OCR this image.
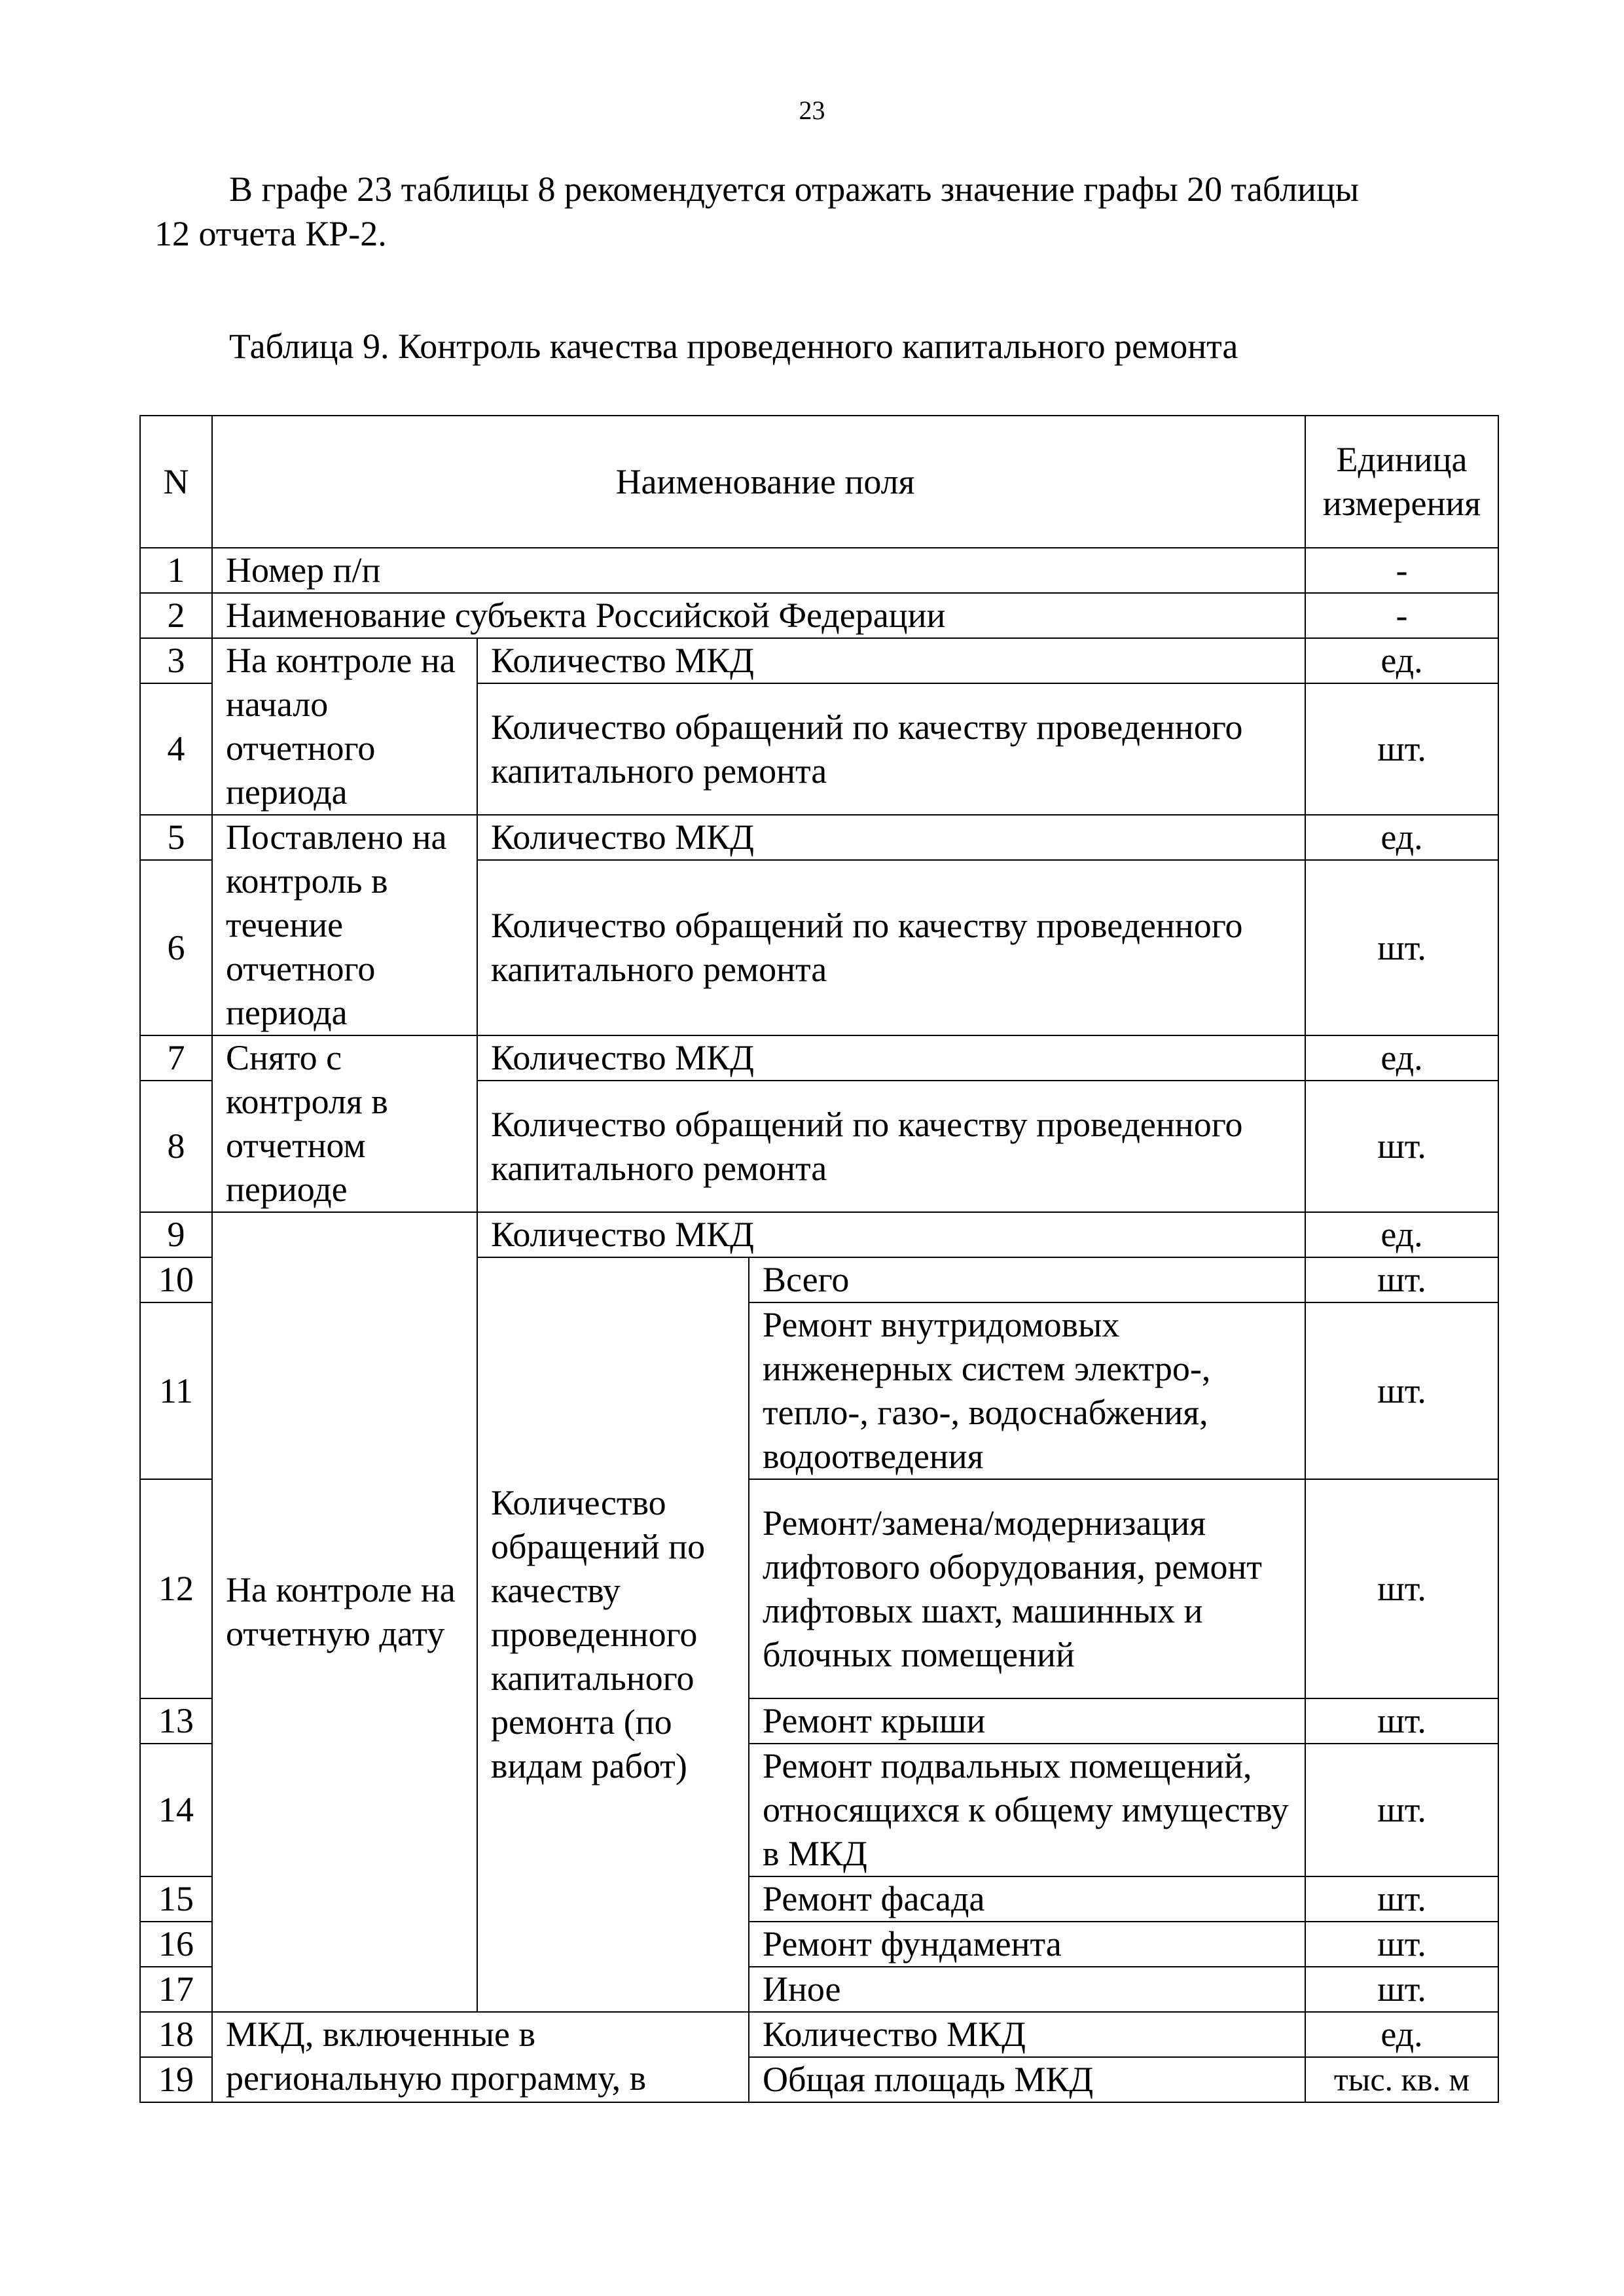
23
В графе 23 таблицы 8 рекомендуется отражать значение графы 20 таблицы
12 отчета КР-2.
Таблица 9. Контроль качества проведенного капитального ремонта
N	Наименование поля			Единица измерения
1	Номер п/п			-
2	Наименование субъекта Российской Федерации			-
3	На контроле на начало отчетного периода	Количество МКД		ед.
4		Количество обращений по качеству проведенного капитального ремонта		шт.
5	Поставлено на контроль в течение отчетного периода	Количество МКД		ед.
6		Количество обращений по качеству проведенного капитального ремонта		шт.
7	Снято с контроля в отчетном периоде	Количество МКД		ед.
8		Количество обращений по качеству проведенного капитального ремонта		шт.
9	На контроле на отчетную дату	Количество МКД		ед.
10		Количество обращений по качеству проведенного капитального ремонта (по видам работ)	Всего	шт.
11			Ремонт внутридомовых инженерных систем электро-, тепло-, газо-, водоснабжения, водоотведения	шт.
12			Ремонт/замена/модернизация лифтового оборудования, ремонт лифтовых шахт, машинных и блочных помещений	шт.
13			Ремонт крыши	шт.
14			Ремонт подвальных помещений, относящихся к общему имуществу в МКД	шт.
15			Ремонт фасада	шт.
16			Ремонт фундамента	шт.
17			Иное	шт.
18	МКД, включенные в региональную программу, в		Количество МКД	ед.
19			Общая площадь МКД	тыс. кв. м
